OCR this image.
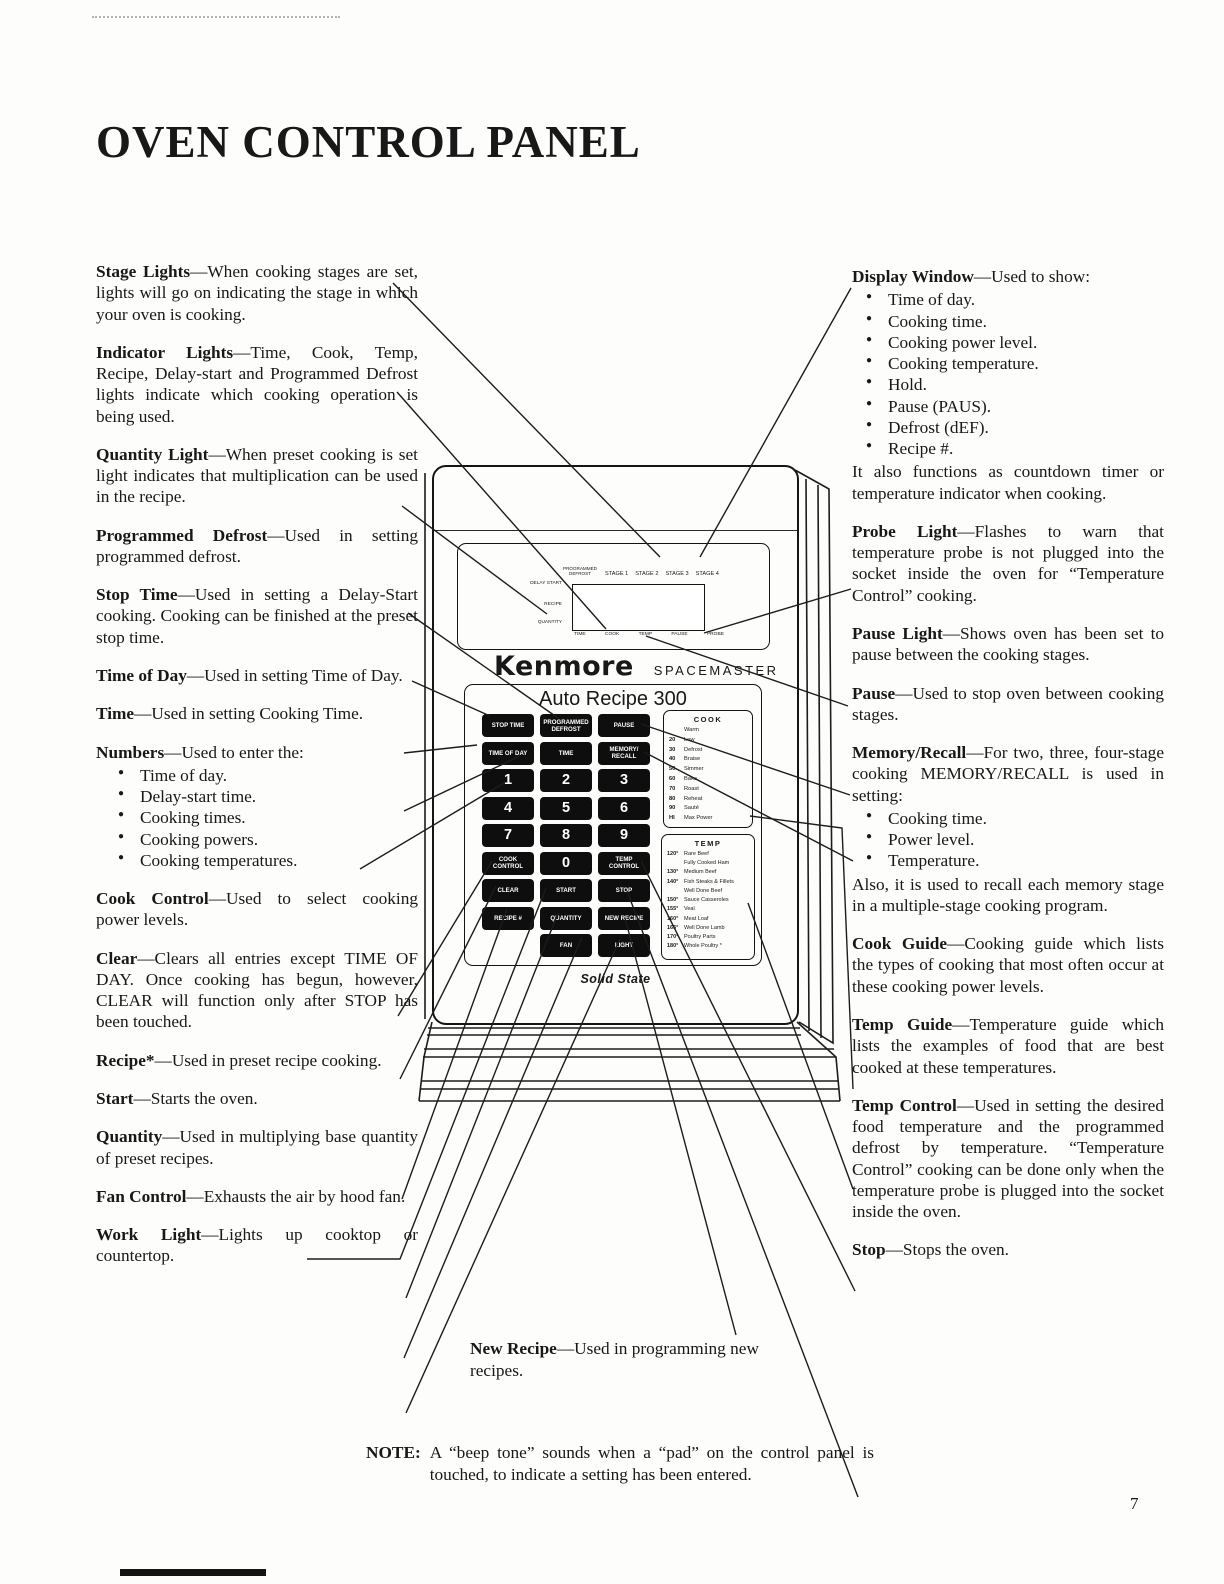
OVEN CONTROL PANEL

Stage Lights—When cooking stages are set, lights will go on indicating the stage in which your oven is cooking.

Indicator Lights—Time, Cook, Temp, Recipe, Delay-start and Programmed Defrost lights indicate which cooking operation is being used.

Quantity Light—When preset cooking is set light indicates that multiplication can be used in the recipe.

Programmed Defrost—Used in setting programmed defrost.

Stop Time—Used in setting a Delay-Start cooking. Cooking can be finished at the preset stop time.

Time of Day—Used in setting Time of Day.

Time—Used in setting Cooking Time.

Numbers—Used to enter the:

● Time of day.
● Delay-start time.
● Cooking times.
● Cooking powers.
● Cooking temperatures.

Cook Control—Used to select cooking power levels.

Clear—Clears all entries except TIME OF DAY. Once cooking has begun, however, CLEAR will function only after STOP has been touched.

Recipe*—Used in preset recipe cooking.

Start—Starts the oven.

Quantity—Used in multiplying base quantity of preset recipes.

Fan Control—Exhausts the air by hood fan.

Work Light—Lights up cooktop or countertop.

Display Window—Used to show:

● Time of day.
● Cooking time.
● Cooking power level.
● Cooking temperature.
● Hold.
● Pause (PAUS).
● Defrost (dEF).
● Recipe #.

It also functions as countdown timer or temperature indicator when cooking.

Probe Light—Flashes to warn that temperature probe is not plugged into the socket inside the oven for “Temperature Control” cooking.

Pause Light—Shows oven has been set to pause between the cooking stages.

Pause—Used to stop oven between cooking stages.

Memory/Recall—For two, three, four-stage cooking MEMORY/RECALL is used in setting:

● Cooking time.
● Power level.
● Temperature.

Also, it is used to recall each memory stage in a multiple-stage cooking program.

Cook Guide—Cooking guide which lists the types of cooking that most often occur at these cooking power levels.

Temp Guide—Temperature guide which lists the examples of food that are best cooked at these temperatures.

Temp Control—Used in setting the desired food temperature and the programmed defrost by temperature. “Temperature Control” cooking can be done only when the temperature probe is plugged into the socket inside the oven.

Stop—Stops the oven.

PROGRAMMED DEFROST	STAGE 1 STAGE 2 STAGE 3 STAGE 4
DELAY START
RECIPE
QUANTITY
TIME	COOK	TEMP	PAUSE	PROBE
Kenmore SPACEMASTER

Auto Recipe 300

STOP TIME	PROGRAMMED DEFROST	PAUSE
TIME OF DAY	TIME	MEMORY/ RECALL
1	2	3
4	5	6
7	8	9
COOK CONTROL	0	TEMP CONTROL
CLEAR	START	STOP
RECIPE #	QUANTITY	NEW RECIPE
FAN	LIGHT
COOK
Warm
20	Low
30	Defrost
40	Braise
50	Simmer
60	Bake
70	Roast
80	Reheat
90	Sauté
HI	Max Power
TEMP
120°	Rare Beef
Fully Cooked Ham
130°	Medium Beef
140°	Fish Steaks & Fillets
Well Done Beef
150°	Sauce Casseroles
155°	Veal
160°	Meat Loaf
165°	Well Done Lamb
170°	Poultry Parts
180°	Whole Poultry *
Solid State

New Recipe—Used in programming new recipes.

NOTE: A “beep tone” sounds when a “pad” on the control panel is touched, to indicate a setting has been entered.
7
